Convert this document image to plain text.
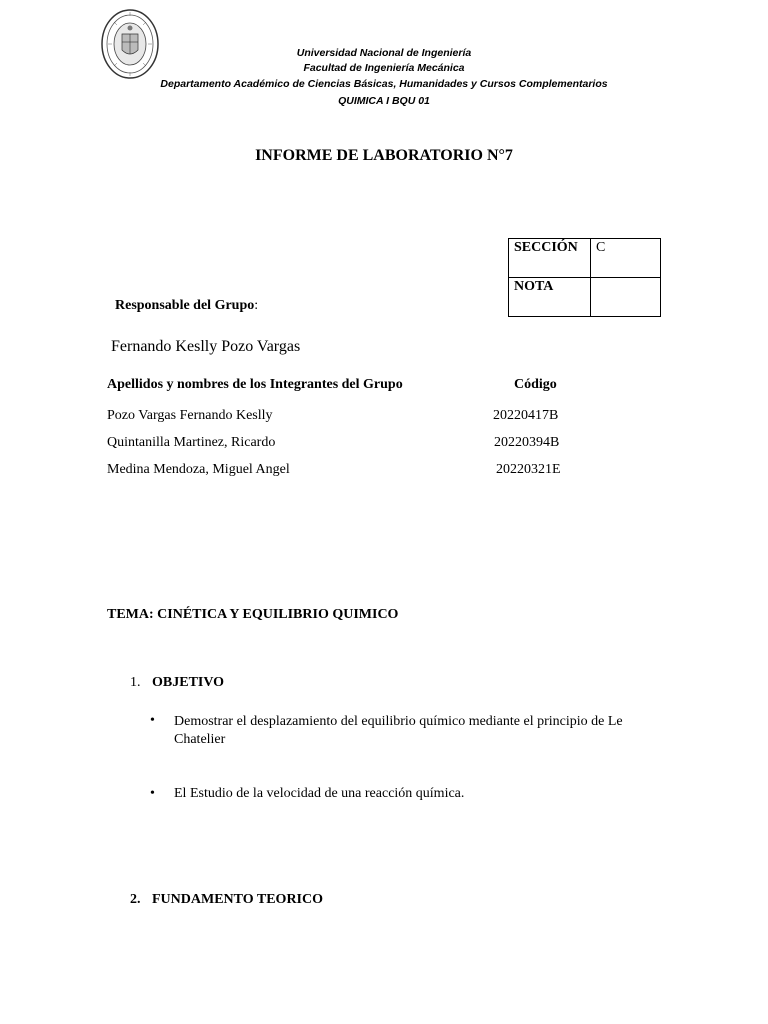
Universidad Nacional de Ingeniería
Facultad de Ingeniería Mecánica
Departamento Académico de Ciencias Básicas, Humanidades y Cursos Complementarios
QUIMICA I BQU 01
INFORME DE LABORATORIO N°7
SECCIÓN	C
NOTA	
Responsable del Grupo:
Fernando Keslly Pozo Vargas
Apellidos y nombres de los Integrantes del Grupo	Código
Pozo Vargas Fernando Keslly	20220417B
Quintanilla Martinez, Ricardo	20220394B
Medina Mendoza, Miguel Angel	20220321E
TEMA: CINÉTICA Y EQUILIBRIO QUIMICO
1. OBJETIVO
• Demostrar el desplazamiento del equilibrio químico mediante el principio de Le Chatelier
• El Estudio de la velocidad de una reacción química.
2. FUNDAMENTO TEORICO
